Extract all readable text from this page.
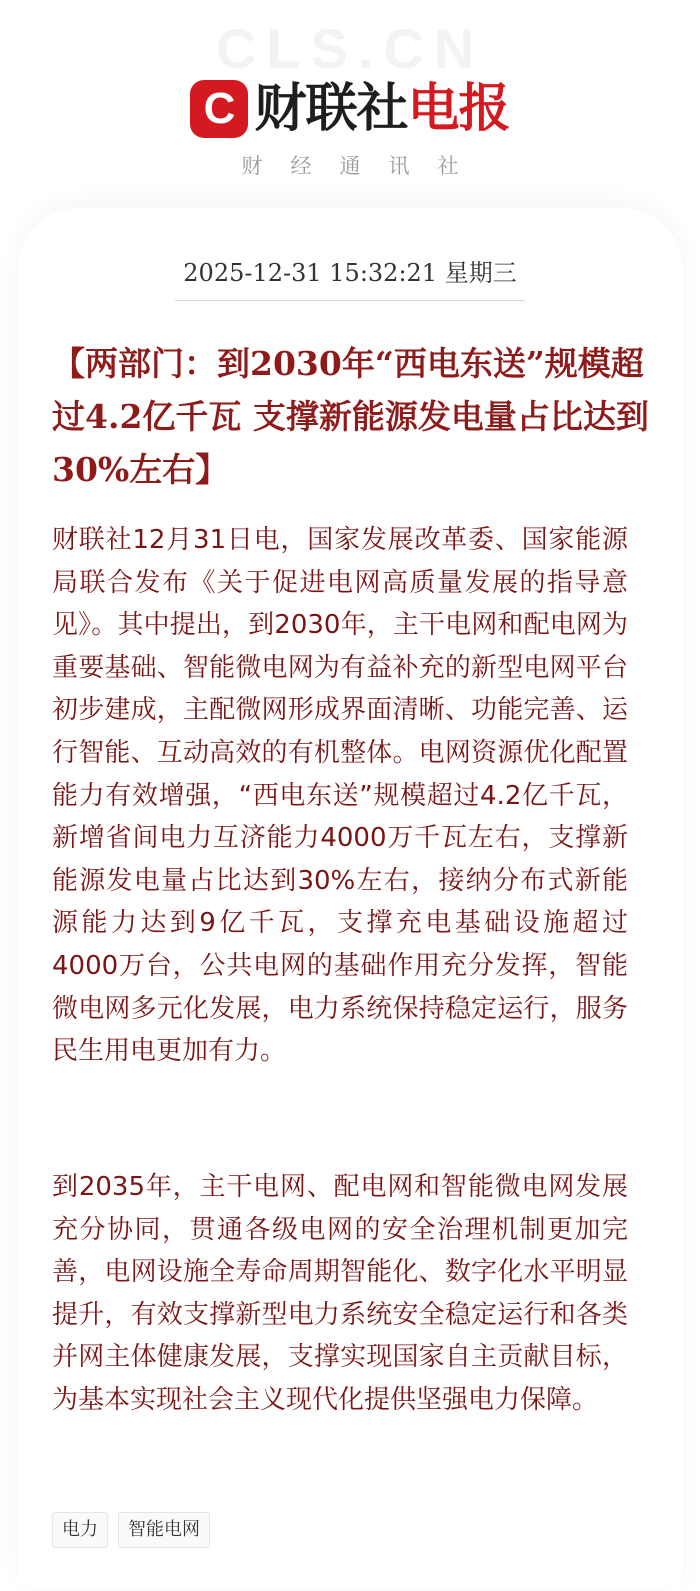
CLS.CN
C 财联社电报
财经通讯社
2025-12-31 15:32:21 星期三
【两部门：到2030年“西电东送”规模超过4.2亿千瓦 支撑新能源发电量占比达到30%左右】

财联社12月31日电，国家发展改革委、国家能源局联合发布《关于促进电网高质量发展的指导意见》。其中提出，到2030年，主干电网和配电网为重要基础、智能微电网为有益补充的新型电网平台初步建成，主配微网形成界面清晰、功能完善、运行智能、互动高效的有机整体。电网资源优化配置能力有效增强，“西电东送”规模超过4.2亿千瓦，新增省间电力互济能力4000万千瓦左右，支撑新能源发电量占比达到30%左右，接纳分布式新能源能力达到9亿千瓦，支撑充电基础设施超过4000万台，公共电网的基础作用充分发挥，智能微电网多元化发展，电力系统保持稳定运行，服务民生用电更加有力。

到2035年，主干电网、配电网和智能微电网发展充分协同，贯通各级电网的安全治理机制更加完善，电网设施全寿命周期智能化、数字化水平明显提升，有效支撑新型电力系统安全稳定运行和各类并网主体健康发展，支撑实现国家自主贡献目标，为基本实现社会主义现代化提供坚强电力保障。

电力	智能电网
